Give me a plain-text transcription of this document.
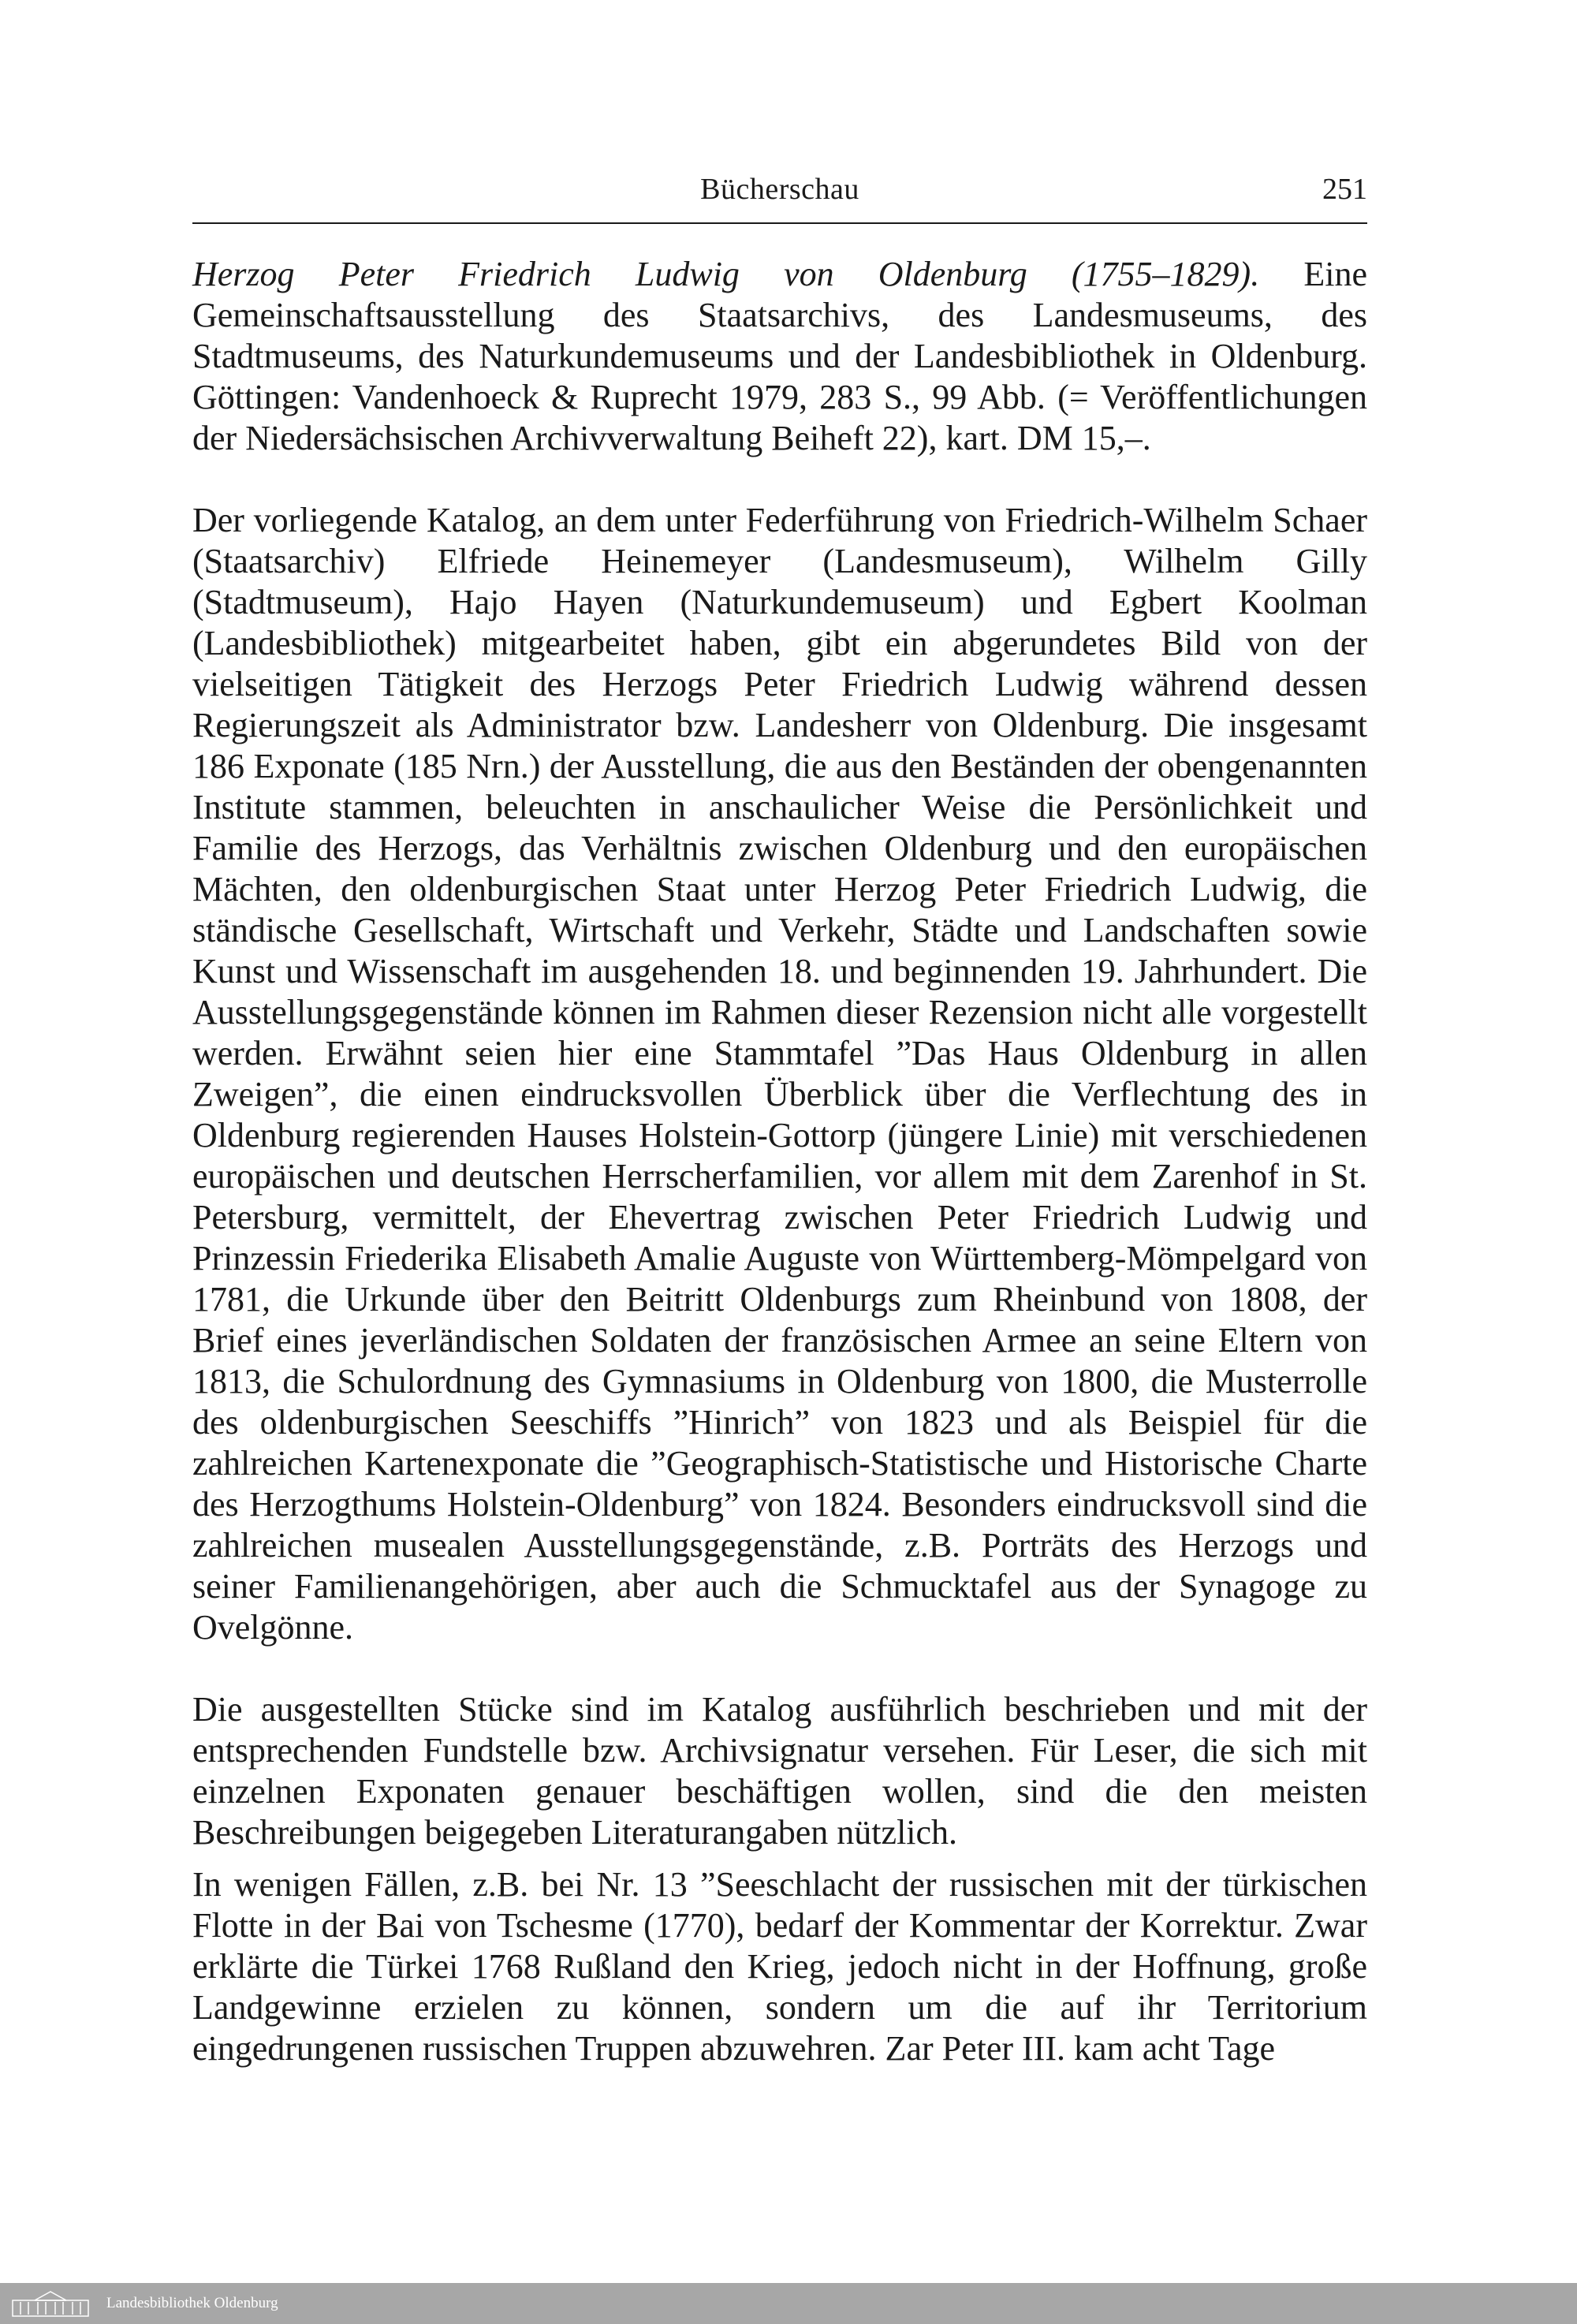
Bücherschau	251

Herzog Peter Friedrich Ludwig von Oldenburg (1755–1829). Eine Gemeinschaftsausstellung des Staatsarchivs, des Landesmuseums, des Stadtmuseums, des Naturkundemuseums und der Landesbibliothek in Oldenburg. Göttingen: Vandenhoeck & Ruprecht 1979, 283 S., 99 Abb. (= Veröffentlichungen der Niedersächsischen Archivverwaltung Beiheft 22), kart. DM 15,–.

Der vorliegende Katalog, an dem unter Federführung von Friedrich-Wilhelm Schaer (Staatsarchiv) Elfriede Heinemeyer (Landesmuseum), Wilhelm Gilly (Stadtmuseum), Hajo Hayen (Naturkundemuseum) und Egbert Koolman (Landesbibliothek) mitgearbeitet haben, gibt ein abgerundetes Bild von der vielseitigen Tätigkeit des Herzogs Peter Friedrich Ludwig während dessen Regierungszeit als Administrator bzw. Landesherr von Oldenburg. Die insgesamt 186 Exponate (185 Nrn.) der Ausstellung, die aus den Beständen der obengenannten Institute stammen, beleuchten in anschaulicher Weise die Persönlichkeit und Familie des Herzogs, das Verhältnis zwischen Oldenburg und den europäischen Mächten, den oldenburgischen Staat unter Herzog Peter Friedrich Ludwig, die ständische Gesellschaft, Wirtschaft und Verkehr, Städte und Landschaften sowie Kunst und Wissenschaft im ausgehenden 18. und beginnenden 19. Jahrhundert. Die Ausstellungsgegenstände können im Rahmen dieser Rezension nicht alle vorgestellt werden. Erwähnt seien hier eine Stammtafel ”Das Haus Oldenburg in allen Zweigen”, die einen eindrucksvollen Überblick über die Verflechtung des in Oldenburg regierenden Hauses Holstein-Gottorp (jüngere Linie) mit verschiedenen europäischen und deutschen Herrscherfamilien, vor allem mit dem Zarenhof in St. Petersburg, vermittelt, der Ehevertrag zwischen Peter Friedrich Ludwig und Prinzessin Friederika Elisabeth Amalie Auguste von Württemberg-Mömpelgard von 1781, die Urkunde über den Beitritt Oldenburgs zum Rheinbund von 1808, der Brief eines jeverländischen Soldaten der französischen Armee an seine Eltern von 1813, die Schulordnung des Gymnasiums in Oldenburg von 1800, die Musterrolle des oldenburgischen Seeschiffs ”Hinrich” von 1823 und als Beispiel für die zahlreichen Kartenexponate die ”Geographisch-Statistische und Historische Charte des Herzogthums Holstein-Oldenburg” von 1824. Besonders eindrucksvoll sind die zahlreichen musealen Ausstellungsgegenstände, z.B. Porträts des Herzogs und seiner Familienangehörigen, aber auch die Schmucktafel aus der Synagoge zu Ovelgönne.

Die ausgestellten Stücke sind im Katalog ausführlich beschrieben und mit der entsprechenden Fundstelle bzw. Archivsignatur versehen. Für Leser, die sich mit einzelnen Exponaten genauer beschäftigen wollen, sind die den meisten Beschreibungen beigegeben Literaturangaben nützlich.

In wenigen Fällen, z.B. bei Nr. 13 ”Seeschlacht der russischen mit der türkischen Flotte in der Bai von Tschesme (1770), bedarf der Kommentar der Korrektur. Zwar erklärte die Türkei 1768 Rußland den Krieg, jedoch nicht in der Hoffnung, große Landgewinne erzielen zu können, sondern um die auf ihr Territorium eingedrungenen russischen Truppen abzuwehren. Zar Peter III. kam acht Tage

Landesbibliothek Oldenburg
